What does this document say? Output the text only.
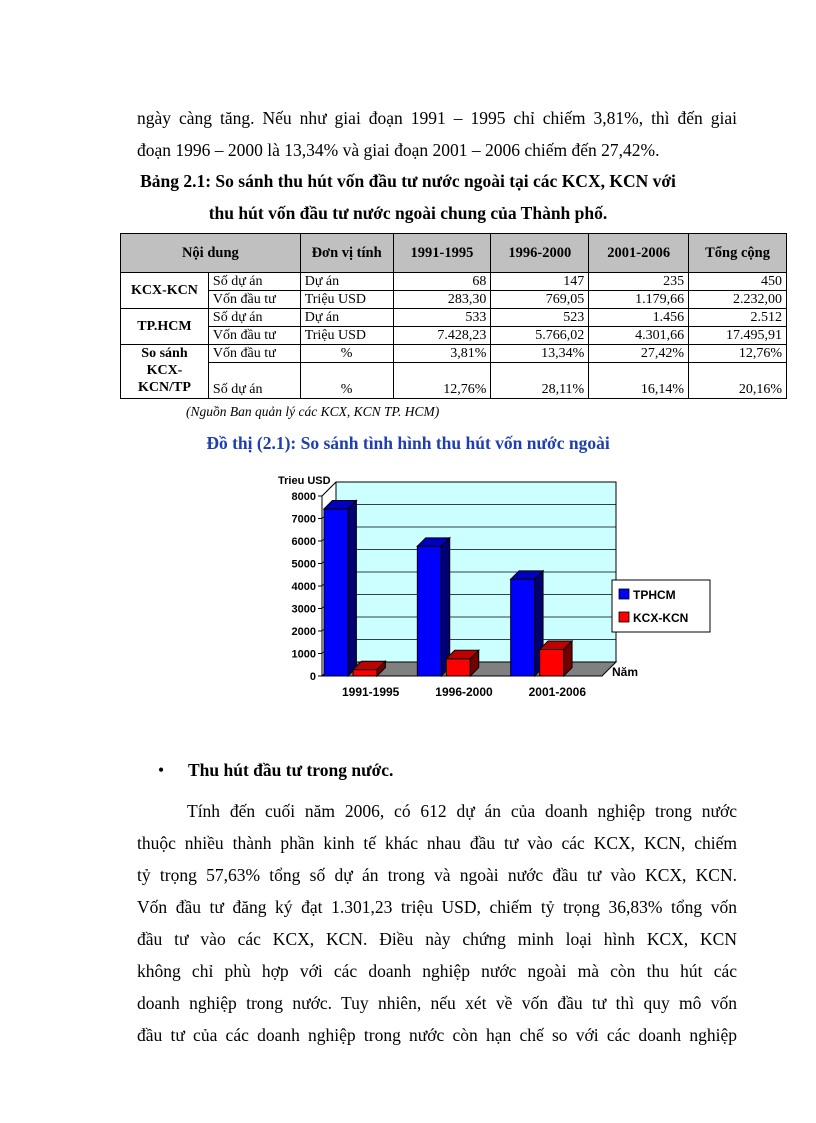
ngày càng tăng. Nếu như giai đoạn 1991 – 1995 chỉ chiếm 3,81%, thì đến giai

đoạn 1996 – 2000 là 13,34% và giai đoạn 2001 – 2006 chiếm đến 27,42%.

Bảng 2.1: So sánh thu hút vốn đầu tư nước ngoài tại các KCX, KCN với

thu hút vốn đầu tư nước ngoài chung của Thành phố.

Nội dung		Đơn vị tính	1991-1995	1996-2000	2001-2006	Tổng cộng
KCX-KCN	Số dự án	Dự án	68	147	235	450
	Vốn đầu tư	Triệu USD	283,30	769,05	1.179,66	2.232,00
TP.HCM	Số dự án	Dự án	533	523	1.456	2.512
	Vốn đầu tư	Triệu USD	7.428,23	5.766,02	4.301,66	17.495,91
So sánh KCX-KCN/TP	Vốn đầu tư	%	3,81%	13,34%	27,42%	12,76%
	Số dự án	%	12,76%	28,11%	16,14%	20,16%

(Nguồn Ban quản lý các KCX, KCN TP. HCM)

Đồ thị (2.1): So sánh tình hình thu hút vốn nước ngoài

Trieu USD
0
1000
2000
3000
4000
5000
6000
7000
8000
1991-1995	1996-2000	2001-2006
Năm
TPHCM
KCX-KCN

• Thu hút đầu tư trong nước.

Tính đến cuối năm 2006, có 612 dự án của doanh nghiệp trong nước

thuộc nhiều thành phần kinh tế khác nhau đầu tư vào các KCX, KCN, chiếm

tỷ trọng 57,63% tổng số dự án trong và ngoài nước đầu tư vào KCX, KCN.

Vốn đầu tư đăng ký đạt 1.301,23 triệu USD, chiếm tỷ trọng 36,83% tổng vốn

đầu tư vào các KCX, KCN. Điều này chứng minh loại hình KCX, KCN

không chỉ phù hợp với các doanh nghiệp nước ngoài mà còn thu hút các

doanh nghiệp trong nước. Tuy nhiên, nếu xét về vốn đầu tư thì quy mô vốn

đầu tư của các doanh nghiệp trong nước còn hạn chế so với các doanh nghiệp
